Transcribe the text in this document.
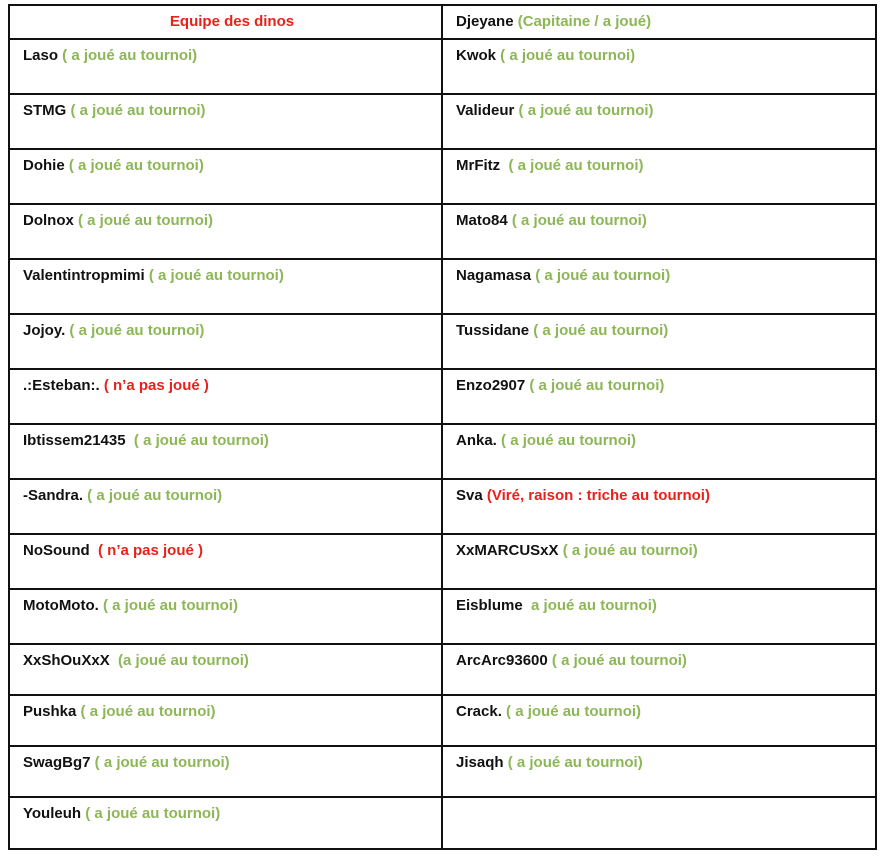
Equipe des dinos	Djeyane (Capitaine / a joué)
Laso ( a joué au tournoi)	Kwok ( a joué au tournoi)
STMG ( a joué au tournoi)	Valideur ( a joué au tournoi)
Dohie ( a joué au tournoi)	MrFitz  ( a joué au tournoi)
Dolnox ( a joué au tournoi)	Mato84 ( a joué au tournoi)
Valentintropmimi ( a joué au tournoi)	Nagamasa ( a joué au tournoi)
Jojoy. ( a joué au tournoi)	Tussidane ( a joué au tournoi)
.:Esteban:. ( n’a pas joué )	Enzo2907 ( a joué au tournoi)
Ibtissem21435  ( a joué au tournoi)	Anka. ( a joué au tournoi)
-Sandra. ( a joué au tournoi)	Sva (Viré, raison : triche au tournoi)
NoSound  ( n’a pas joué )	XxMARCUSxX ( a joué au tournoi)
MotoMoto. ( a joué au tournoi)	Eisblume  a joué au tournoi)
XxShOuXxX  (a joué au tournoi)	ArcArc93600 ( a joué au tournoi)
Pushka ( a joué au tournoi)	Crack. ( a joué au tournoi)
SwagBg7 ( a joué au tournoi)	Jisaqh ( a joué au tournoi)
Youleuh ( a joué au tournoi)	
